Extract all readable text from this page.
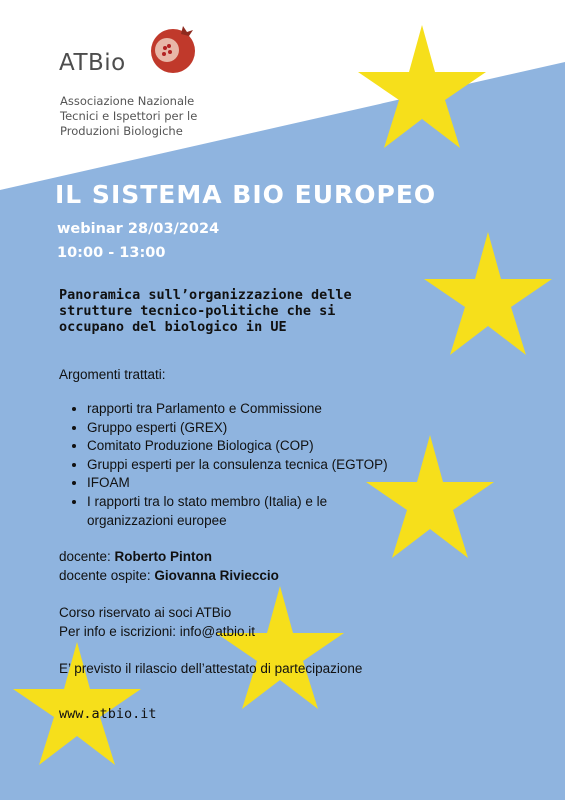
ATBio
Associazione Nazionale
Tecnici e Ispettori per le
Produzioni Biologiche
IL SISTEMA BIO EUROPEO
webinar 28/03/2024
10:00 - 13:00
Panoramica sull’organizzazione delle
strutture tecnico-politiche che si
occupano del biologico in UE
Argomenti trattati:
• rapporti tra Parlamento e Commissione
• Gruppo esperti (GREX)
• Comitato Produzione Biologica (COP)
• Gruppi esperti per la consulenza tecnica (EGTOP)
• IFOAM
• I rapporti tra lo stato membro (Italia) e le
organizzazioni europee
docente: Roberto Pinton
docente ospite: Giovanna Rivieccio
Corso riservato ai soci ATBio
Per info e iscrizioni: info@atbio.it
E’ previsto il rilascio dell’attestato di partecipazione
www.atbio.it
